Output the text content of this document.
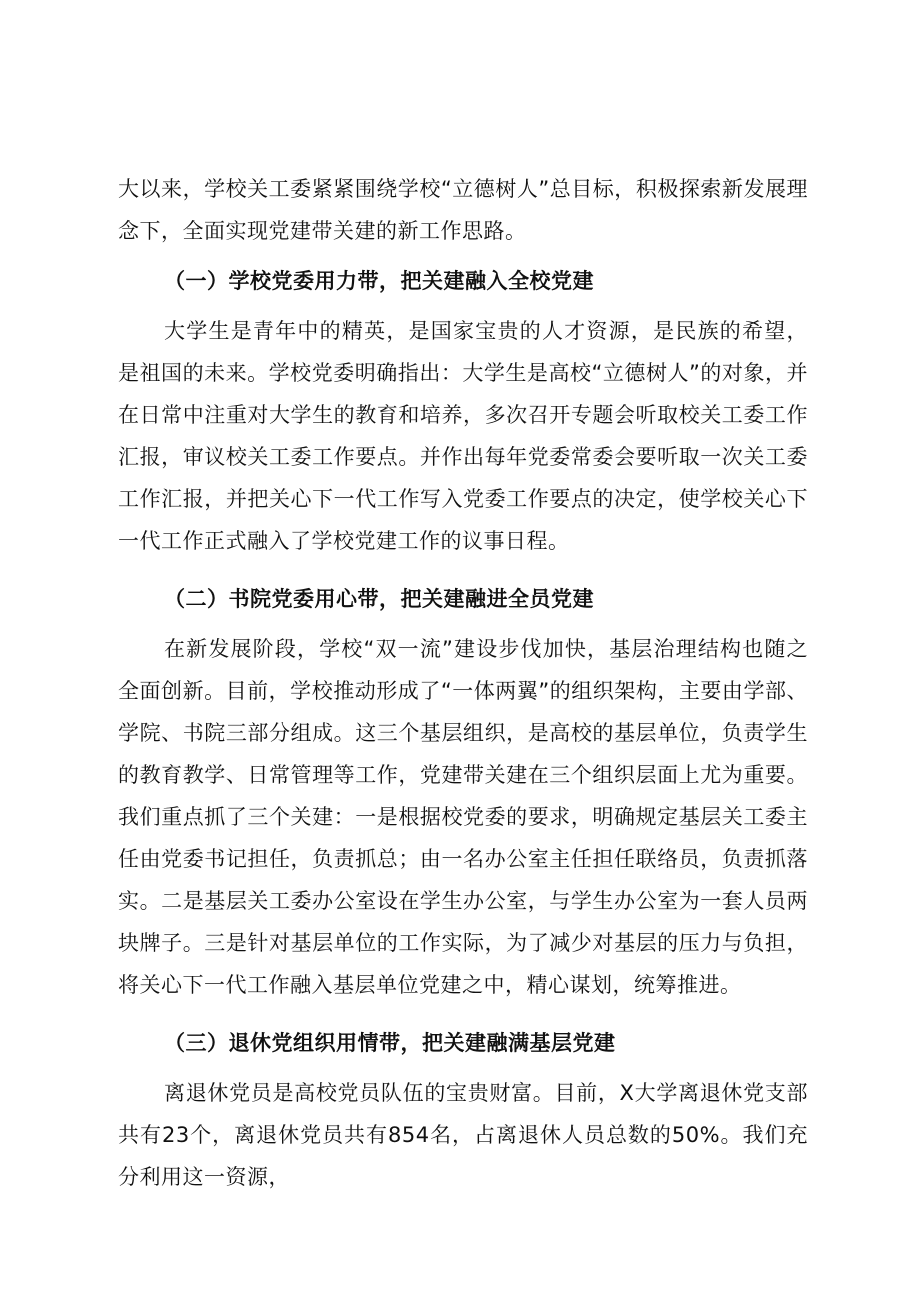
大以来，学校关工委紧紧围绕学校“立德树人”总目标，积极探索新发展理念下，全面实现党建带关建的新工作思路。

（一）学校党委用力带，把关建融入全校党建

大学生是青年中的精英，是国家宝贵的人才资源，是民族的希望，是祖国的未来。学校党委明确指出：大学生是高校“立德树人”的对象，并在日常中注重对大学生的教育和培养，多次召开专题会听取校关工委工作汇报，审议校关工委工作要点。并作出每年党委常委会要听取一次关工委工作汇报，并把关心下一代工作写入党委工作要点的决定，使学校关心下一代工作正式融入了学校党建工作的议事日程。

（二）书院党委用心带，把关建融进全员党建

在新发展阶段，学校“双一流”建设步伐加快，基层治理结构也随之全面创新。目前，学校推动形成了“一体两翼”的组织架构，主要由学部、学院、书院三部分组成。这三个基层组织，是高校的基层单位，负责学生的教育教学、日常管理等工作，党建带关建在三个组织层面上尤为重要。我们重点抓了三个关建：一是根据校党委的要求，明确规定基层关工委主任由党委书记担任，负责抓总；由一名办公室主任担任联络员，负责抓落实。二是基层关工委办公室设在学生办公室，与学生办公室为一套人员两块牌子。三是针对基层单位的工作实际，为了减少对基层的压力与负担，将关心下一代工作融入基层单位党建之中，精心谋划，统筹推进。

（三）退休党组织用情带，把关建融满基层党建

离退休党员是高校党员队伍的宝贵财富。目前，X大学离退休党支部共有23个，离退休党员共有854名，占离退休人员总数的50%。我们充分利用这一资源，
